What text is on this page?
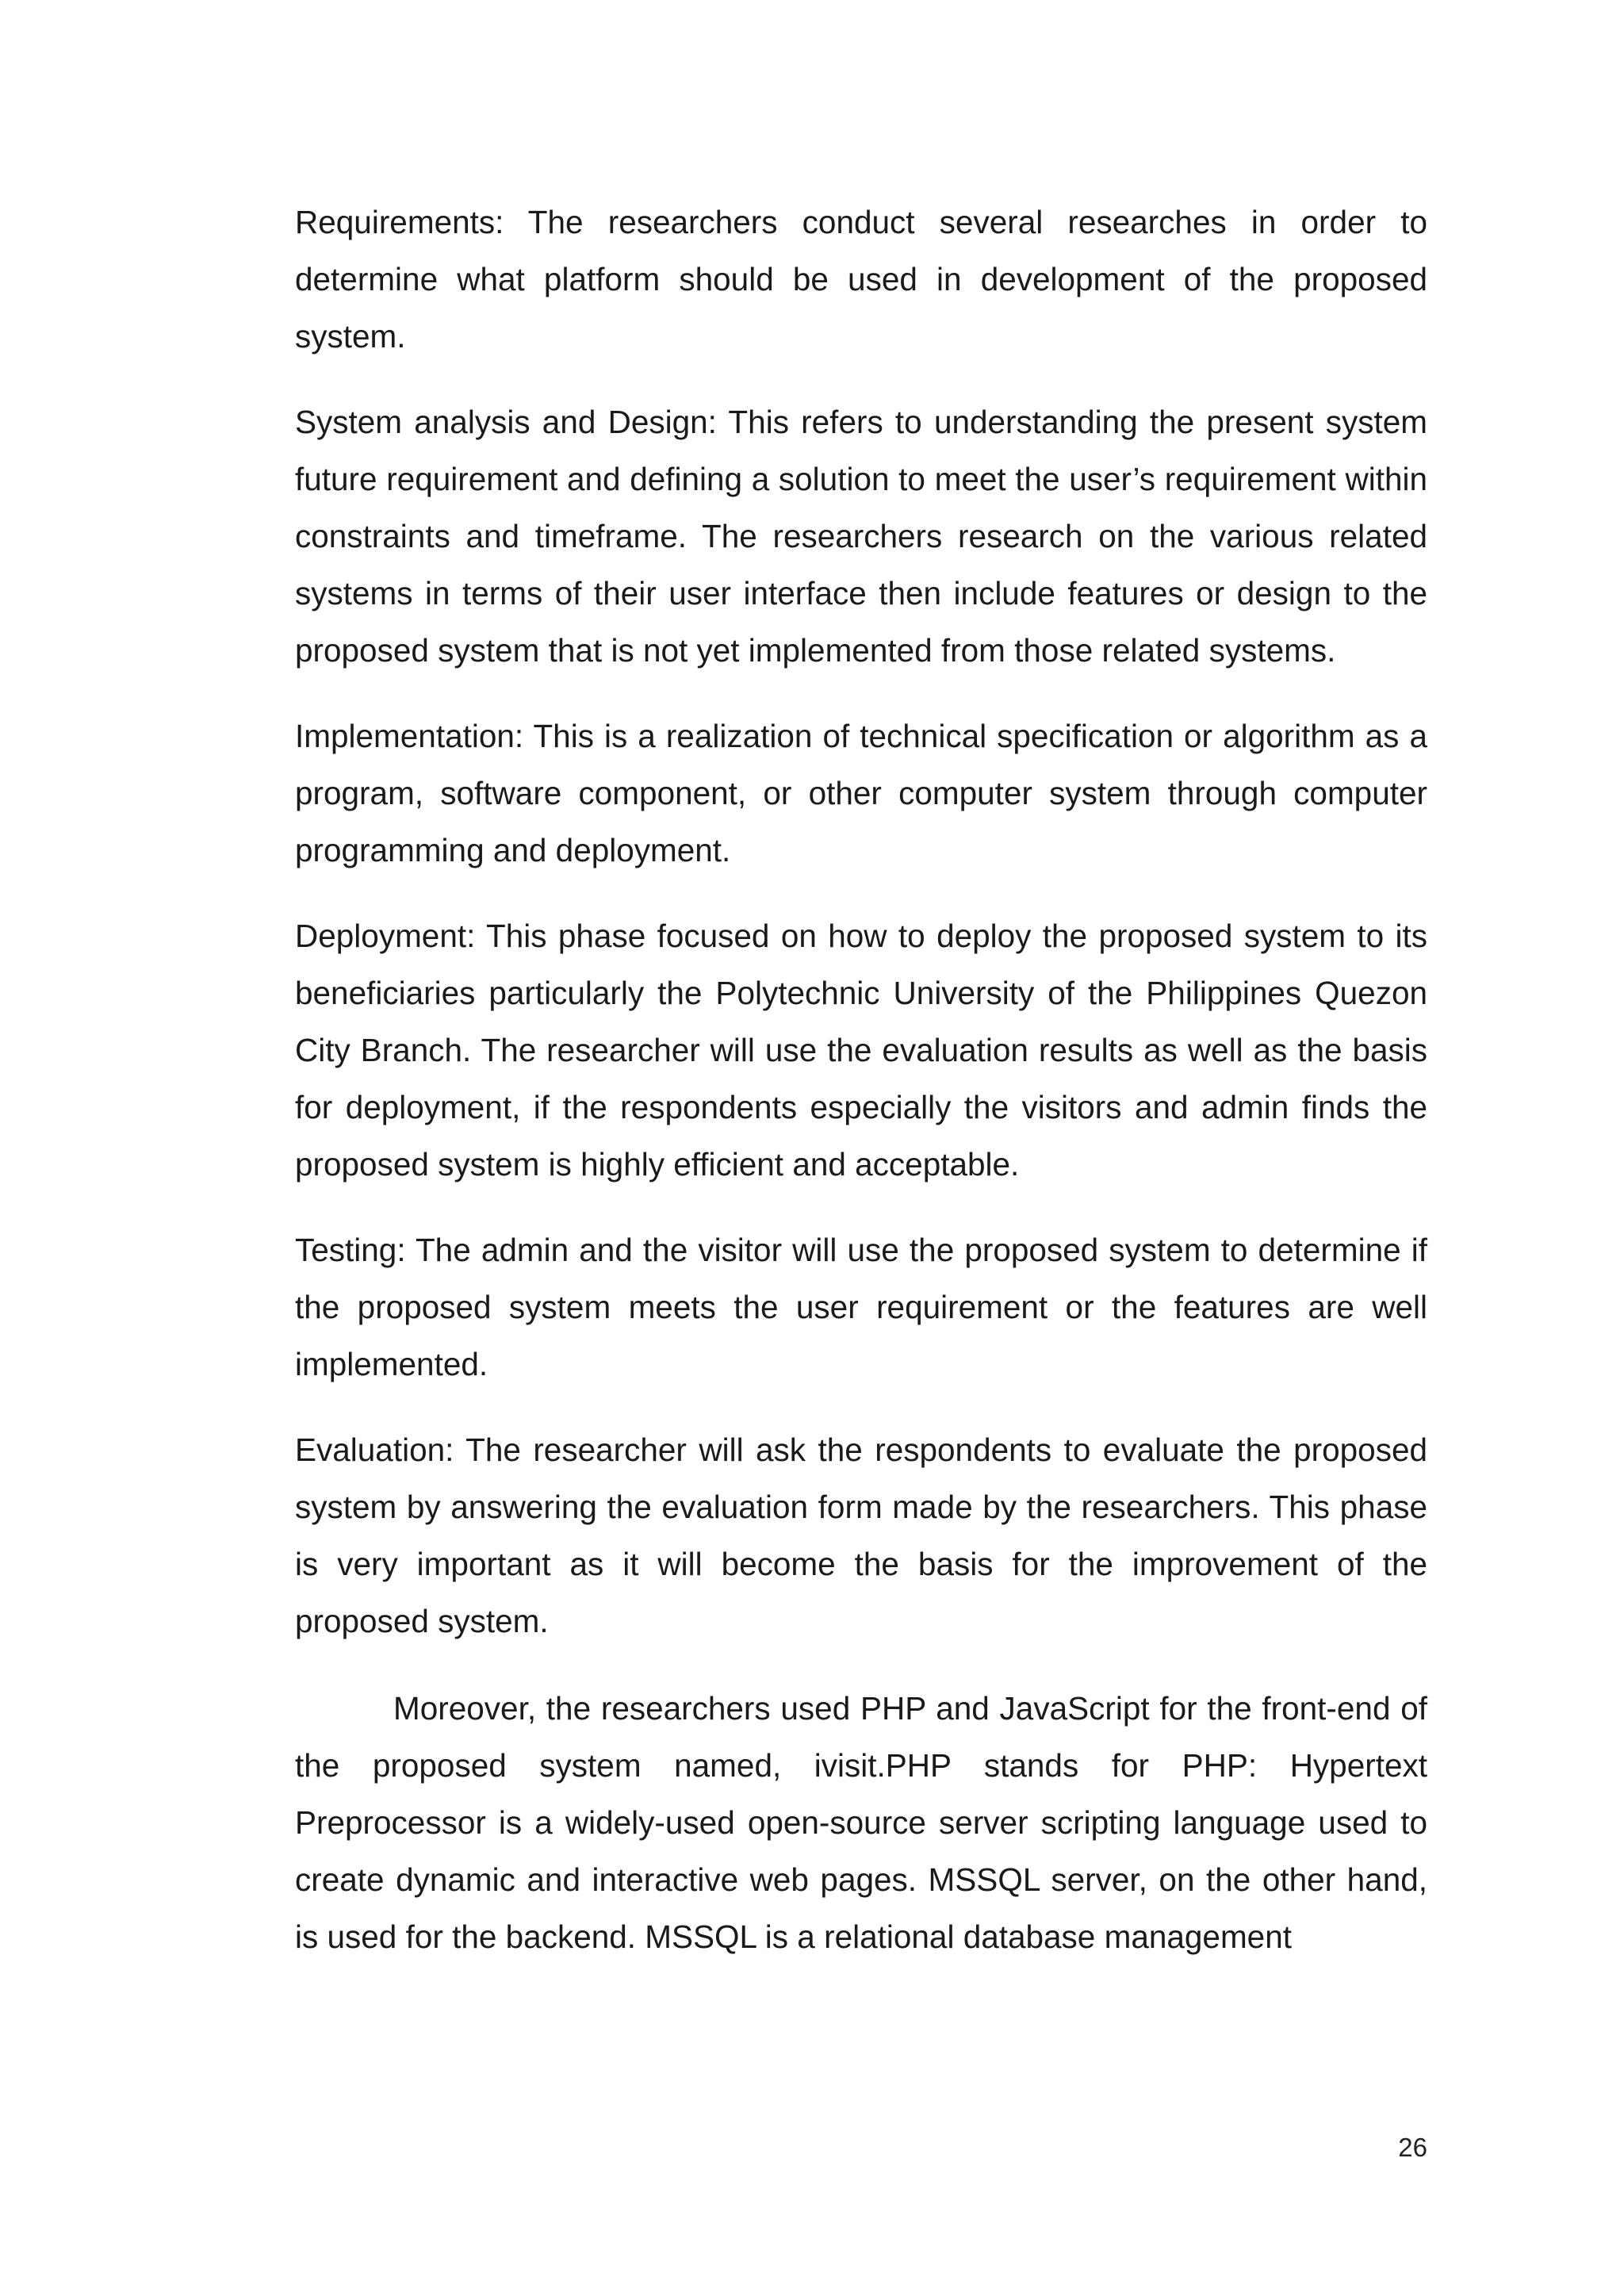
Requirements: The researchers conduct several researches in order to determine what platform should be used in development of the proposed system.

System analysis and Design: This refers to understanding the present system future requirement and defining a solution to meet the user’s requirement within constraints and timeframe. The researchers research on the various related systems in terms of their user interface then include features or design to the proposed system that is not yet implemented from those related systems.

Implementation: This is a realization of technical specification or algorithm as a program, software component, or other computer system through computer programming and deployment.

Deployment: This phase focused on how to deploy the proposed system to its beneficiaries particularly the Polytechnic University of the Philippines Quezon City Branch. The researcher will use the evaluation results as well as the basis for deployment, if the respondents especially the visitors and admin finds the proposed system is highly efficient and acceptable.

Testing: The admin and the visitor will use the proposed system to determine if the proposed system meets the user requirement or the features are well implemented.

Evaluation: The researcher will ask the respondents to evaluate the proposed system by answering the evaluation form made by the researchers. This phase is very important as it will become the basis for the improvement of the proposed system.

Moreover, the researchers used PHP and JavaScript for the front-end of the proposed system named, ivisit.PHP stands for PHP: Hypertext Preprocessor is a widely-used open-source server scripting language used to create dynamic and interactive web pages. MSSQL server, on the other hand, is used for the backend. MSSQL is a relational database management

26
